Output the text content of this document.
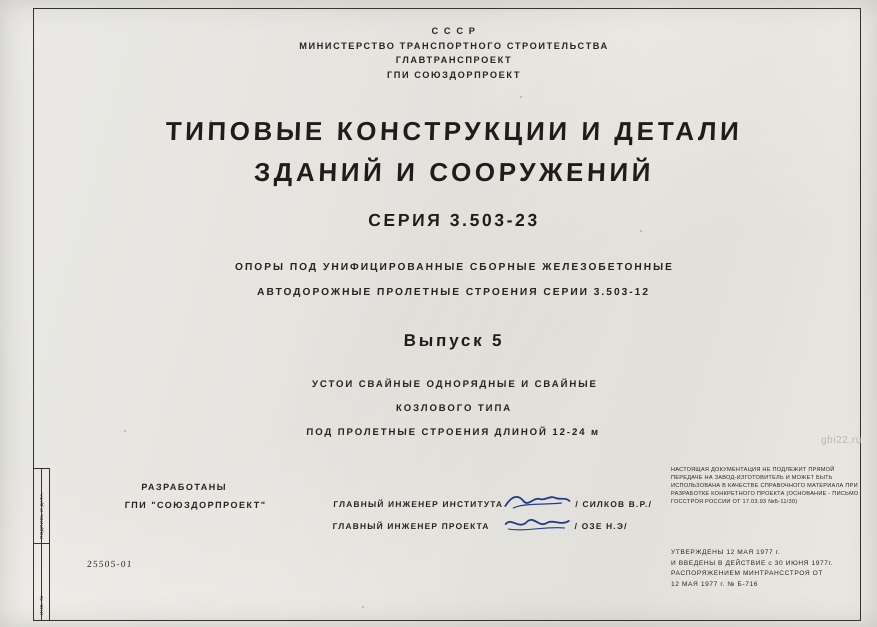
ПОДПИСЬ И ДАТА
ИНВ. №
С С С Р
МИНИСТЕРСТВО ТРАНСПОРТНОГО СТРОИТЕЛЬСТВА
ГЛАВТРАНСПРОЕКТ
ГПИ СОЮЗДОРПРОЕКТ
ТИПОВЫЕ КОНСТРУКЦИИ И ДЕТАЛИ
ЗДАНИЙ И СООРУЖЕНИЙ
СЕРИЯ 3.503-23
ОПОРЫ ПОД УНИФИЦИРОВАННЫЕ СБОРНЫЕ ЖЕЛЕЗОБЕТОННЫЕ
АВТОДОРОЖНЫЕ ПРОЛЕТНЫЕ СТРОЕНИЯ СЕРИИ 3.503-12
Выпуск 5
УСТОИ СВАЙНЫЕ ОДНОРЯДНЫЕ И СВАЙНЫЕ
КОЗЛОВОГО ТИПА
ПОД ПРОЛЕТНЫЕ СТРОЕНИЯ ДЛИНОЙ 12-24 м
gbi22.ru
РАЗРАБОТАНЫ
ГПИ "СОЮЗДОРПРОЕКТ"	ГЛАВНЫЙ ИНЖЕНЕР ИНСТИТУТА	/ СИЛКОВ В.Р./
ГЛАВНЫЙ ИНЖЕНЕР ПРОЕКТА	/ ОЗЕ Н.Э/
25505-01
НАСТОЯЩАЯ ДОКУМЕНТАЦИЯ НЕ ПОДЛЕЖИТ ПРЯМОЙ ПЕРЕДАЧЕ НА ЗАВОД-ИЗГОТОВИТЕЛЬ И МОЖЕТ БЫТЬ ИСПОЛЬЗОВАНА В КАЧЕСТВЕ СПРАВОЧНОГО МАТЕРИАЛА ПРИ РАЗРАБОТКЕ КОНКРЕТНОГО ПРОЕКТА (ОСНОВАНИЕ - ПИСЬМО ГОССТРОЯ РОССИИ ОТ 17.03.93 №Б-11/30)
УТВЕРЖДЕНЫ 12 МАЯ 1977 г.
И ВВЕДЕНЫ В ДЕЙСТВИЕ с 30 ИЮНЯ 1977г.
РАСПОРЯЖЕНИЕМ МИНТРАНССТРОЯ ОТ
12 МАЯ 1977 г. № Б-716
